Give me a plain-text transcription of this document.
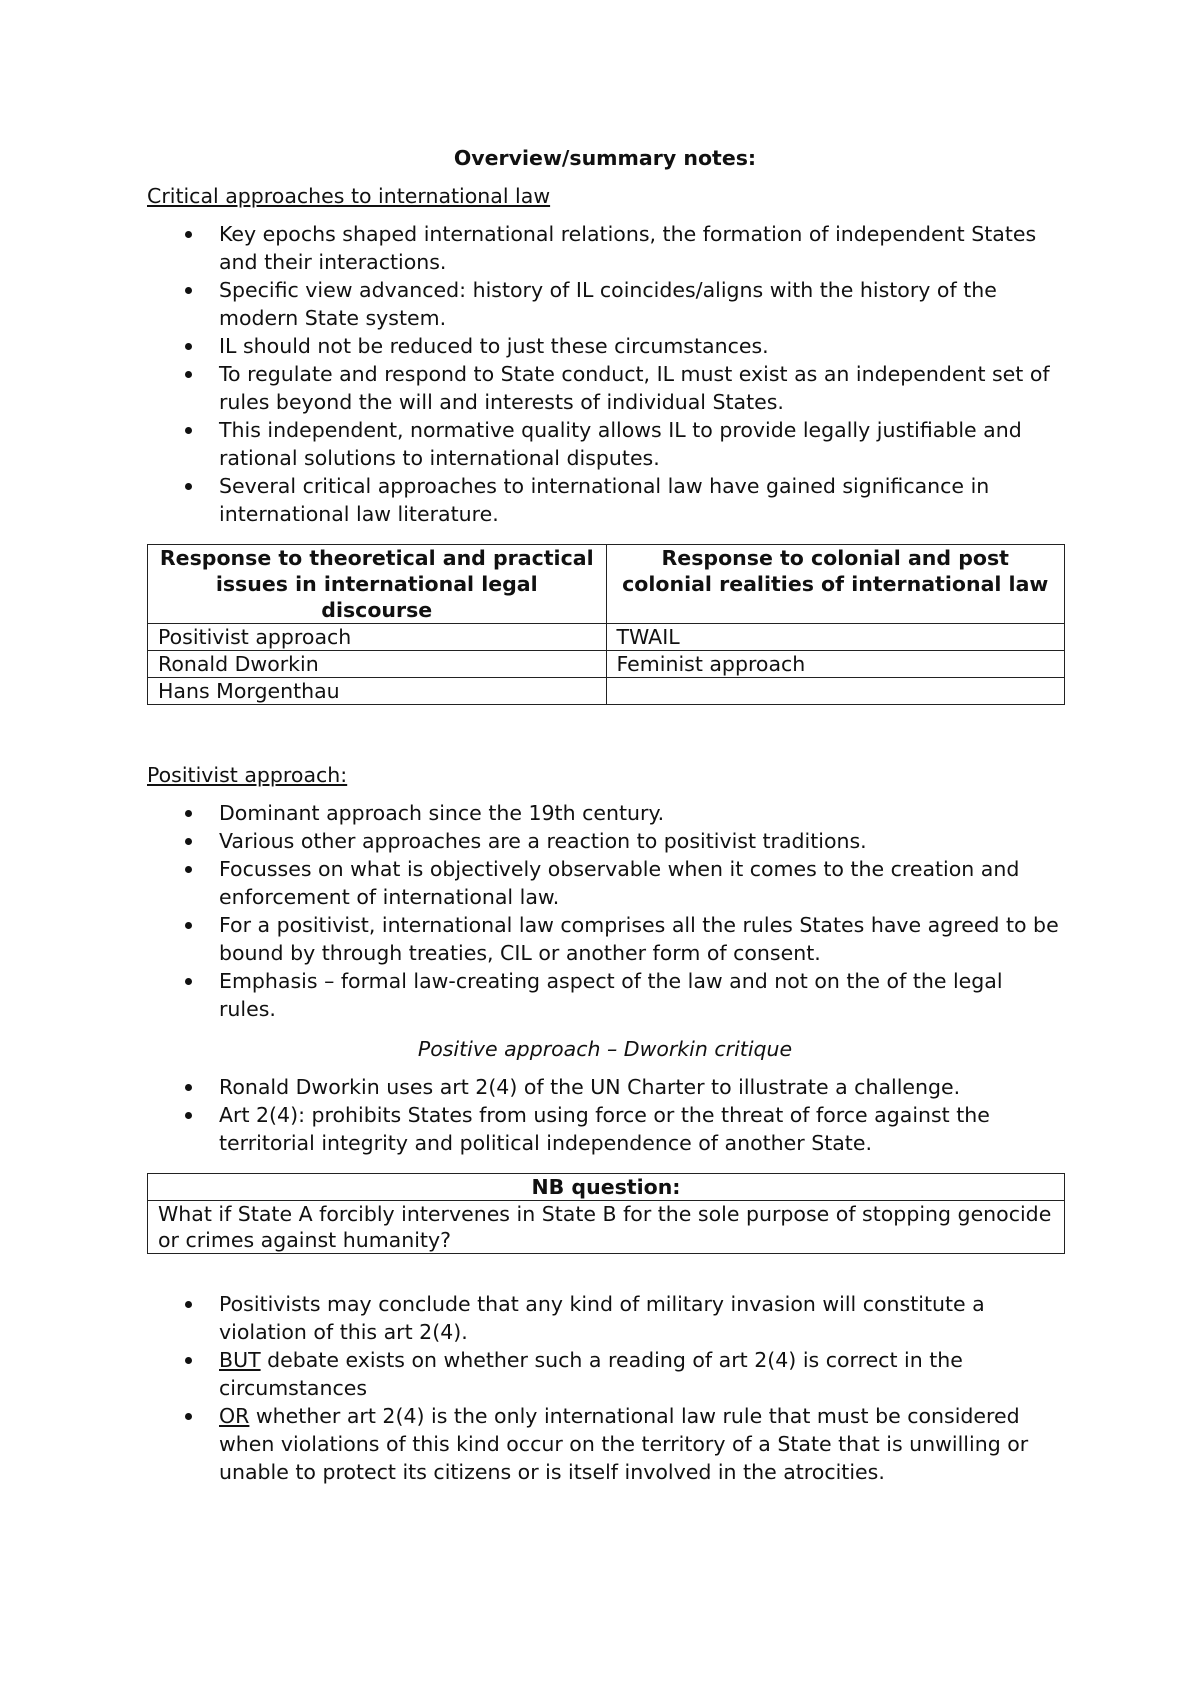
Overview/summary notes:
Critical approaches to international law
Key epochs shaped international relations, the formation of independent States and their interactions.
Specific view advanced: history of IL coincides/aligns with the history of the modern State system.
IL should not be reduced to just these circumstances.
To regulate and respond to State conduct, IL must exist as an independent set of rules beyond the will and interests of individual States.
This independent, normative quality allows IL to provide legally justifiable and rational solutions to international disputes.
Several critical approaches to international law have gained significance in international law literature.
Response to theoretical and practical issues in international legal discourse	Response to colonial and post colonial realities of international law
Positivist approach	TWAIL
Ronald Dworkin	Feminist approach
Hans Morgenthau	
Positivist approach:
Dominant approach since the 19th century.
Various other approaches are a reaction to positivist traditions.
Focusses on what is objectively observable when it comes to the creation and enforcement of international law.
For a positivist, international law comprises all the rules States have agreed to be bound by through treaties, CIL or another form of consent.
Emphasis – formal law-creating aspect of the law and not on the of the legal rules.
Positive approach – Dworkin critique
Ronald Dworkin uses art 2(4) of the UN Charter to illustrate a challenge.
Art 2(4): prohibits States from using force or the threat of force against the territorial integrity and political independence of another State.
NB question:
What if State A forcibly intervenes in State B for the sole purpose of stopping genocide or crimes against humanity?
Positivists may conclude that any kind of military invasion will constitute a violation of this art 2(4).
BUT debate exists on whether such a reading of art 2(4) is correct in the circumstances
OR whether art 2(4) is the only international law rule that must be considered when violations of this kind occur on the territory of a State that is unwilling or unable to protect its citizens or is itself involved in the atrocities.
